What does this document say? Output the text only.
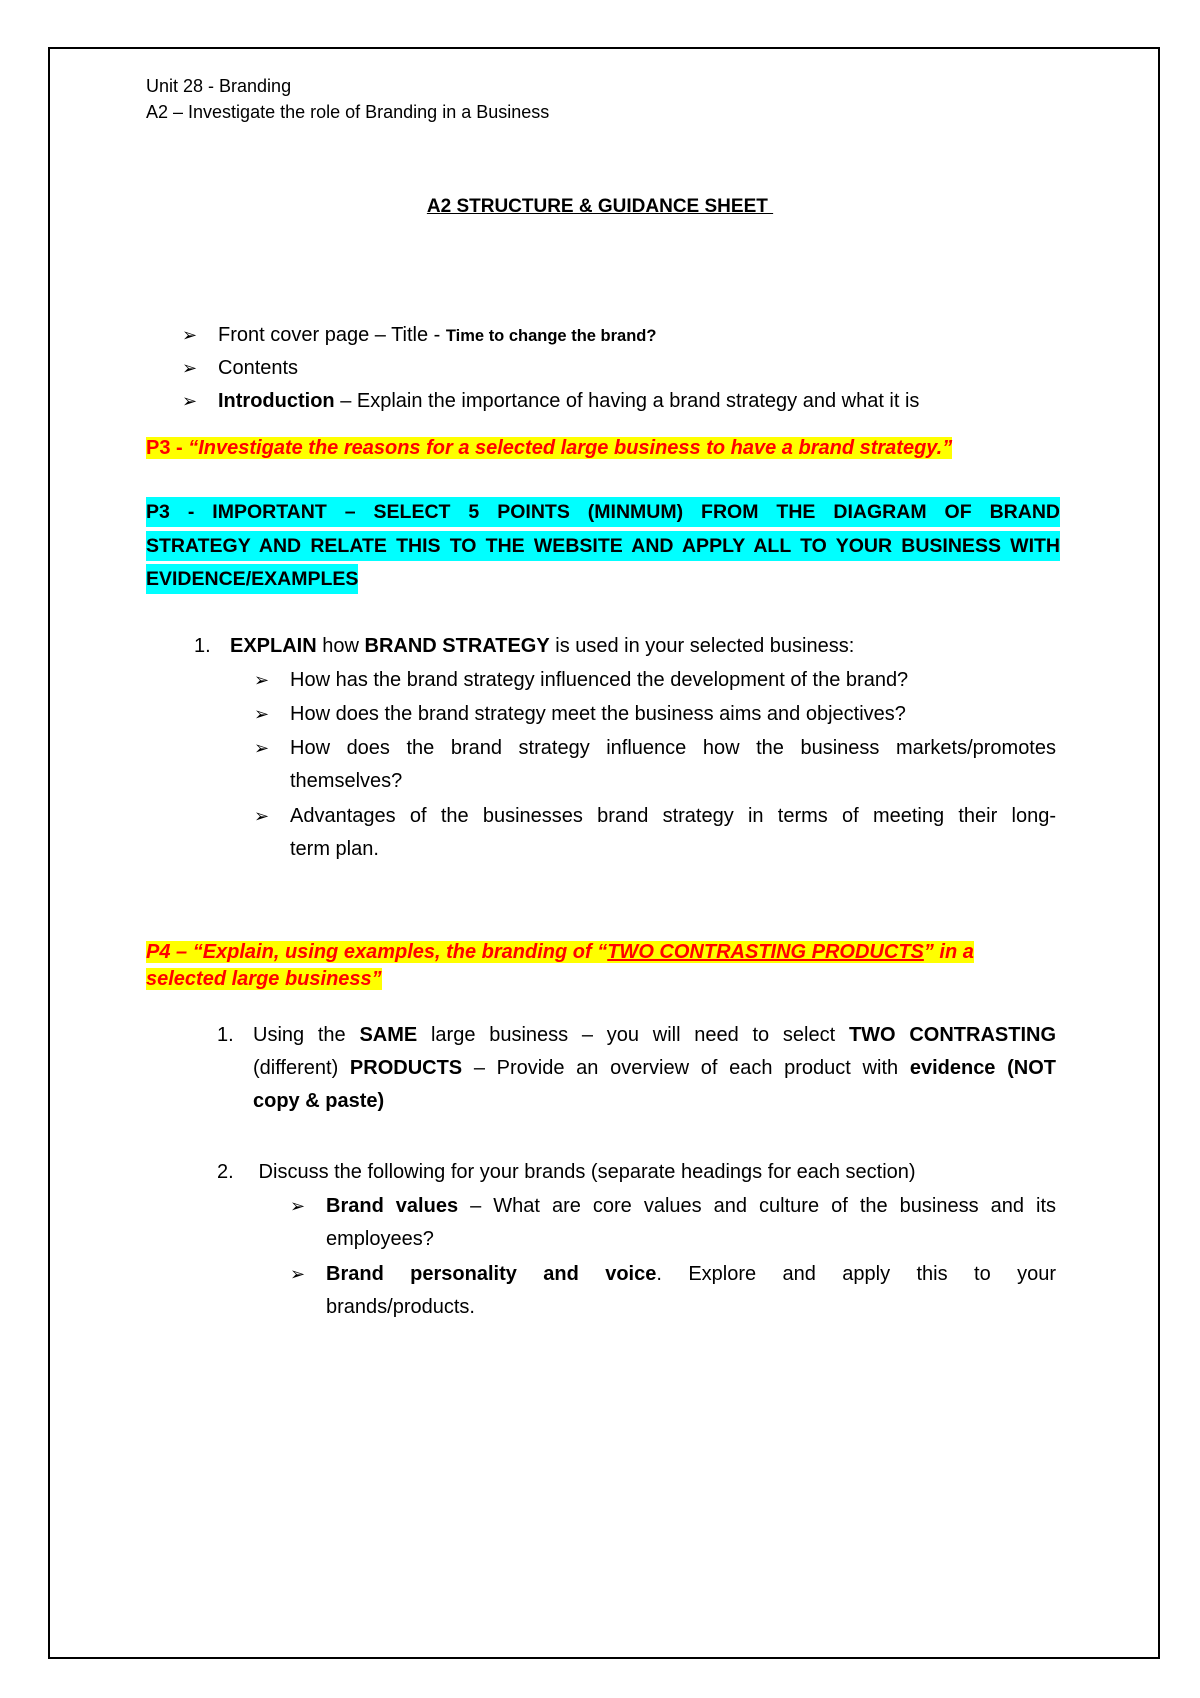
Unit 28 - Branding
A2 – Investigate the role of Branding in a Business
A2 STRUCTURE & GUIDANCE SHEET
➢ Front cover page – Title - Time to change the brand?
➢ Contents
➢ Introduction – Explain the importance of having a brand strategy and what it is
P3 - “Investigate the reasons for a selected large business to have a brand strategy.”
P3 - IMPORTANT – SELECT 5 POINTS (MINMUM) FROM THE DIAGRAM OF BRAND
STRATEGY AND RELATE THIS TO THE WEBSITE AND APPLY ALL TO YOUR BUSINESS WITH
EVIDENCE/EXAMPLES
1. EXPLAIN how BRAND STRATEGY is used in your selected business:
➢ How has the brand strategy influenced the development of the brand?
➢ How does the brand strategy meet the business aims and objectives?
➢ How does the brand strategy influence how the business markets/promotes
themselves?
➢ Advantages of the businesses brand strategy in terms of meeting their long-
term plan.
P4 – “Explain, using examples, the branding of “TWO CONTRASTING PRODUCTS” in a
selected large business”
1. Using the SAME large business – you will need to select TWO CONTRASTING
(different) PRODUCTS – Provide an overview of each product with evidence (NOT
copy & paste)
2. Discuss the following for your brands (separate headings for each section)
➢ Brand values – What are core values and culture of the business and its
employees?
➢ Brand personality and voice. Explore and apply this to your
brands/products.
